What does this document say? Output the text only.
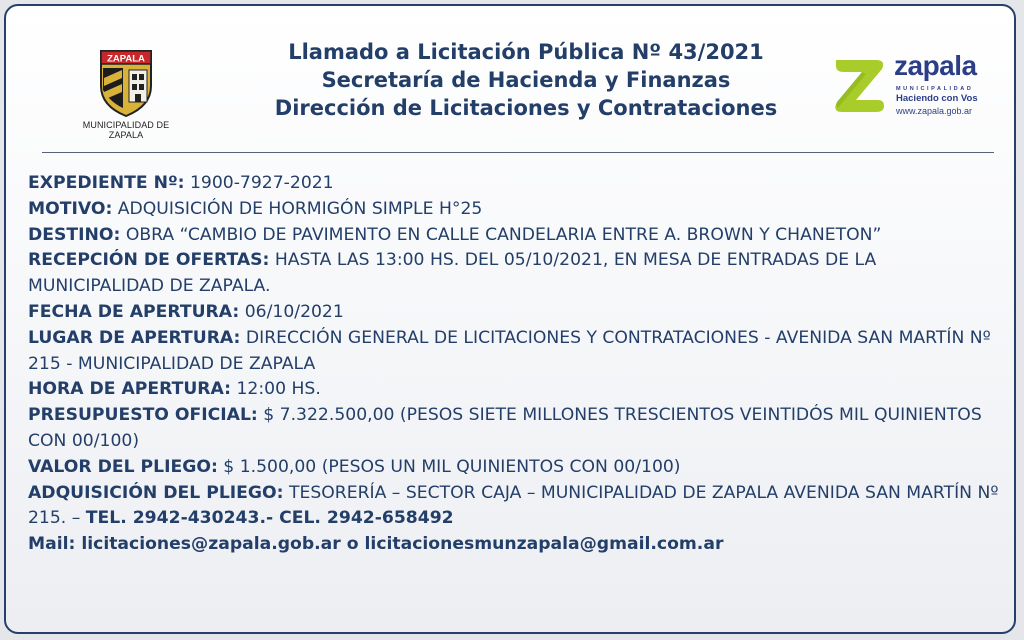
ZAPALA
MUNICIPALIDAD DE ZAPALA
Llamado a Licitación Pública Nº 43/2021
Secretaría de Hacienda y Finanzas
Dirección de Licitaciones y Contrataciones
zapala
MUNICIPALIDAD
Haciendo con Vos
www.zapala.gob.ar

EXPEDIENTE Nº: 1900-7927-2021

MOTIVO: ADQUISICIÓN DE HORMIGÓN SIMPLE H°25

DESTINO: OBRA “CAMBIO DE PAVIMENTO EN CALLE CANDELARIA ENTRE A. BROWN Y CHANETON”

RECEPCIÓN DE OFERTAS: HASTA LAS 13:00 HS. DEL 05/10/2021, EN MESA DE ENTRADAS DE LA MUNICIPALIDAD DE ZAPALA.

FECHA DE APERTURA: 06/10/2021

LUGAR DE APERTURA: DIRECCIÓN GENERAL DE LICITACIONES Y CONTRATACIONES - AVENIDA SAN MARTÍN Nº 215 - MUNICIPALIDAD DE ZAPALA

HORA DE APERTURA: 12:00 HS.

PRESUPUESTO OFICIAL: $ 7.322.500,00 (PESOS SIETE MILLONES TRESCIENTOS VEINTIDÓS MIL QUINIENTOS CON 00/100)

VALOR DEL PLIEGO: $ 1.500,00 (PESOS UN MIL QUINIENTOS CON 00/100)

ADQUISICIÓN DEL PLIEGO: TESORERÍA – SECTOR CAJA – MUNICIPALIDAD DE ZAPALA AVENIDA SAN MARTÍN Nº 215. – TEL. 2942-430243.- CEL. 2942-658492

Mail: licitaciones@zapala.gob.ar o licitacionesmunzapala@gmail.com.ar
